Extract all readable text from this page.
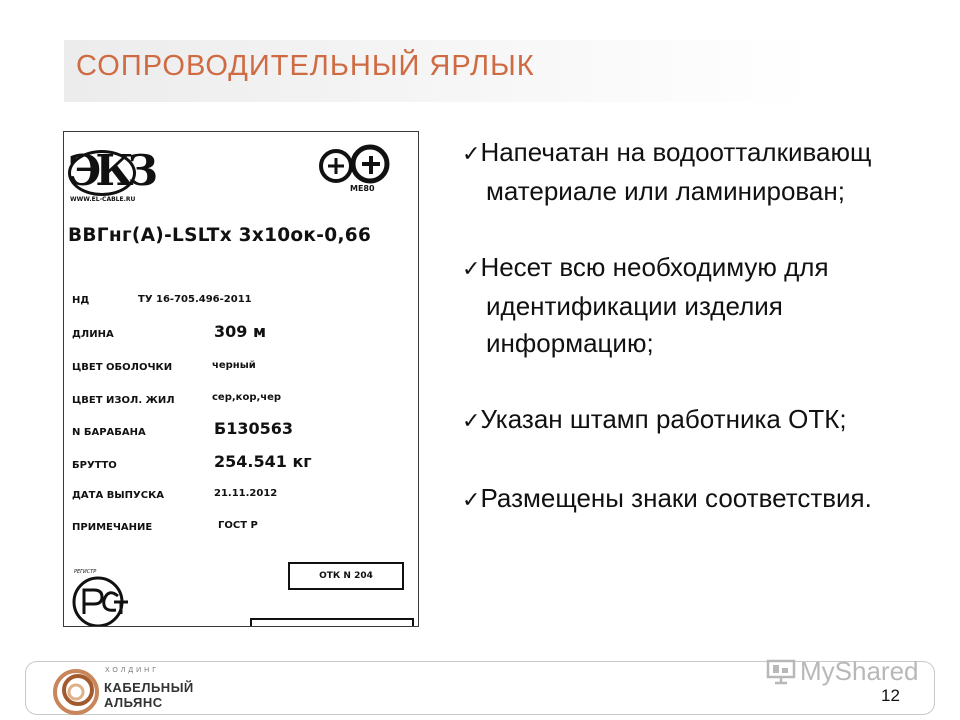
СОПРОВОДИТЕЛЬНЫЙ ЯРЛЫК
ЭКЗ
WWW.EL-CABLE.RU
МЕ80
ВВГнг(А)-LSLTx 3x10ок-0,66
НД	ТУ 16-705.496-2011
ДЛИНА	309 м
ЦВЕТ ОБОЛОЧКИ	черный
ЦВЕТ ИЗОЛ. ЖИЛ	сер,кор,чер
N БАРАБАНА	Б130563
БРУТТО	254.541 кг
ДАТА ВЫПУСКА	21.11.2012
ПРИМЕЧАНИЕ	ГОСТ Р
РЕГИСТР	ОТК N 204
✓Напечатан на водоотталкивающ
материале или ламинирован;
✓Несет всю необходимую для
идентификации изделия
информацию;
✓Указан штамп работника ОТК;
✓Размещены знаки соответствия.
ХОЛДИНГ
КАБЕЛЬНЫЙ
АЛЬЯНС
MyShared
12
